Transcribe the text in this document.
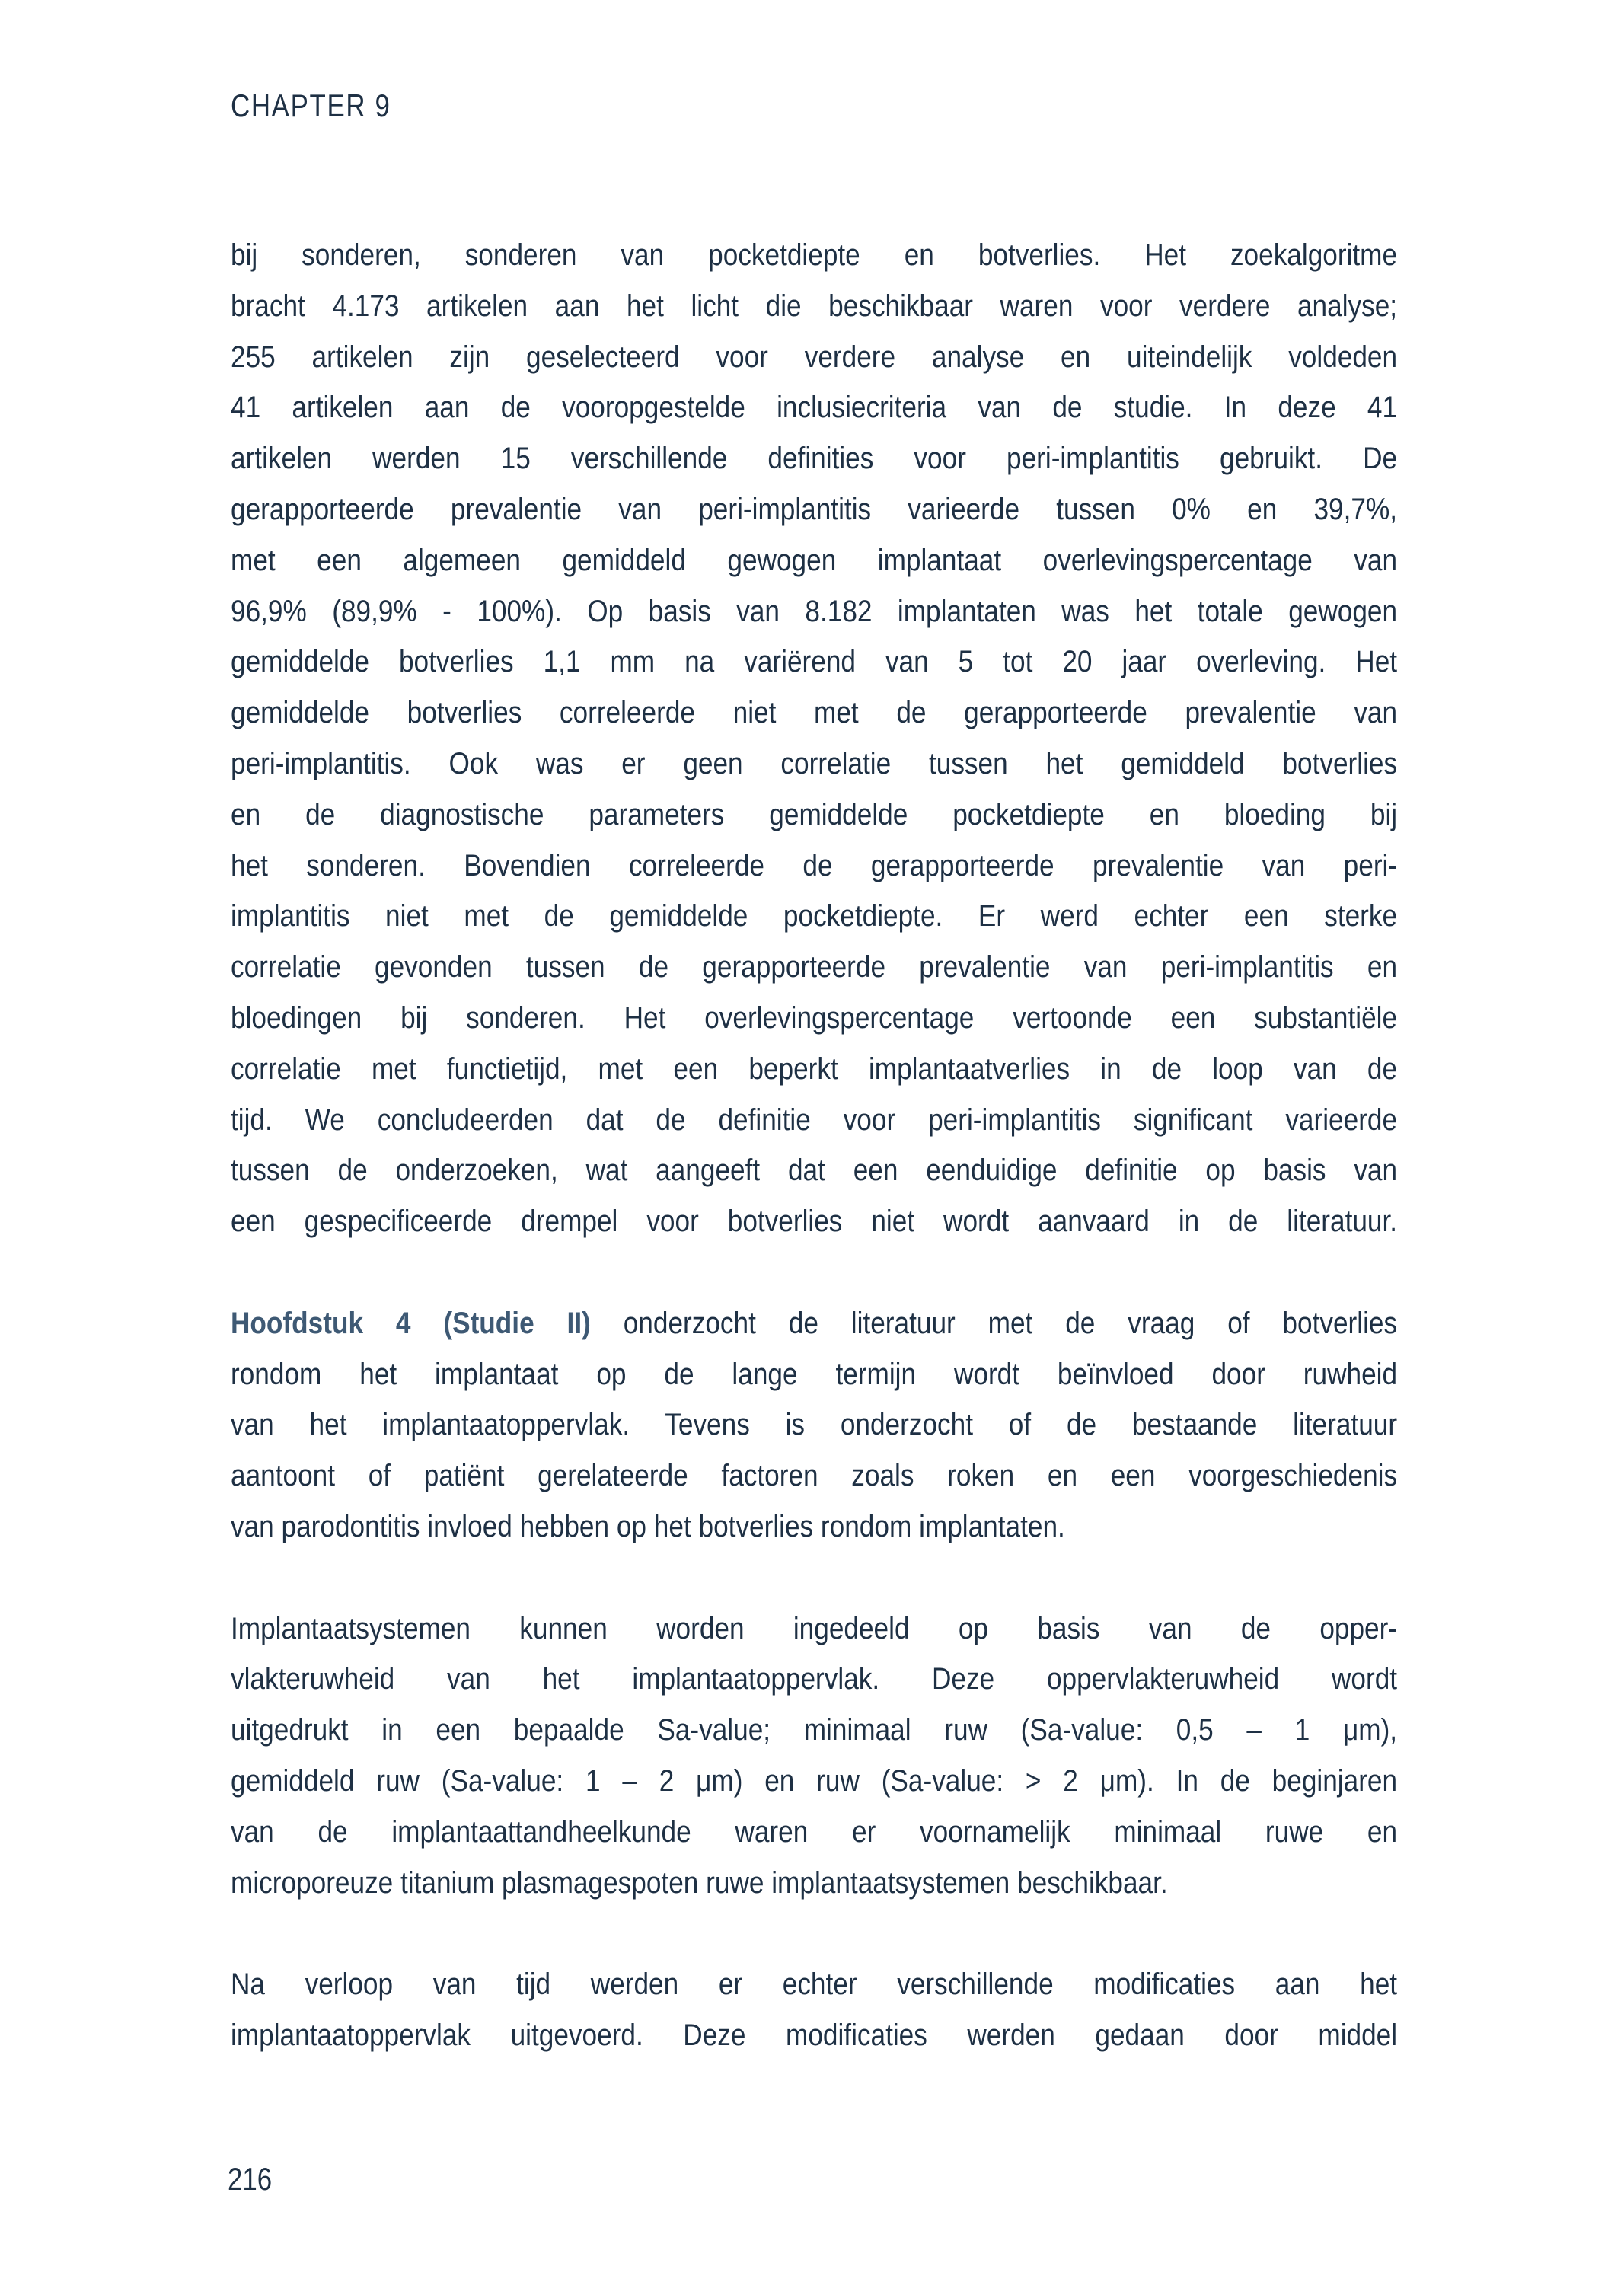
CHAPTER 9
bij sonderen, sonderen van pocketdiepte en botverlies. Het zoekalgoritme
bracht 4.173 artikelen aan het licht die beschikbaar waren voor verdere analyse;
255 artikelen zijn geselecteerd voor verdere analyse en uiteindelijk voldeden
41 artikelen aan de vooropgestelde inclusiecriteria van de studie. In deze 41
artikelen werden 15 verschillende definities voor peri-implantitis gebruikt. De
gerapporteerde prevalentie van peri-implantitis varieerde tussen 0% en 39,7%,
met een algemeen gemiddeld gewogen implantaat overlevingspercentage van
96,9% (89,9% - 100%). Op basis van 8.182 implantaten was het totale gewogen
gemiddelde botverlies 1,1 mm na variërend van 5 tot 20 jaar overleving. Het
gemiddelde botverlies correleerde niet met de gerapporteerde prevalentie van
peri-implantitis. Ook was er geen correlatie tussen het gemiddeld botverlies
en de diagnostische parameters gemiddelde pocketdiepte en bloeding bij
het sonderen. Bovendien correleerde de gerapporteerde prevalentie van peri-
implantitis niet met de gemiddelde pocketdiepte. Er werd echter een sterke
correlatie gevonden tussen de gerapporteerde prevalentie van peri-implantitis en
bloedingen bij sonderen. Het overlevingspercentage vertoonde een substantiële
correlatie met functietijd, met een beperkt implantaatverlies in de loop van de
tijd. We concludeerden dat de definitie voor peri-implantitis significant varieerde
tussen de onderzoeken, wat aangeeft dat een eenduidige definitie op basis van
een gespecificeerde drempel voor botverlies niet wordt aanvaard in de literatuur.
Hoofdstuk 4 (Studie II) onderzocht de literatuur met de vraag of botverlies
rondom het implantaat op de lange termijn wordt beïnvloed door ruwheid
van het implantaatoppervlak. Tevens is onderzocht of de bestaande literatuur
aantoont of patiënt gerelateerde factoren zoals roken en een voorgeschiedenis
van parodontitis invloed hebben op het botverlies rondom implantaten.
Implantaatsystemen kunnen worden ingedeeld op basis van de opper-
vlakteruwheid van het implantaatoppervlak. Deze oppervlakteruwheid wordt
uitgedrukt in een bepaalde Sa-value; minimaal ruw (Sa-value: 0,5 – 1 μm),
gemiddeld ruw (Sa-value: 1 – 2 μm) en ruw (Sa-value: > 2 μm). In de beginjaren
van de implantaattandheelkunde waren er voornamelijk minimaal ruwe en
microporeuze titanium plasmagespoten ruwe implantaatsystemen beschikbaar.
Na verloop van tijd werden er echter verschillende modificaties aan het
implantaatoppervlak uitgevoerd. Deze modificaties werden gedaan door middel
216
